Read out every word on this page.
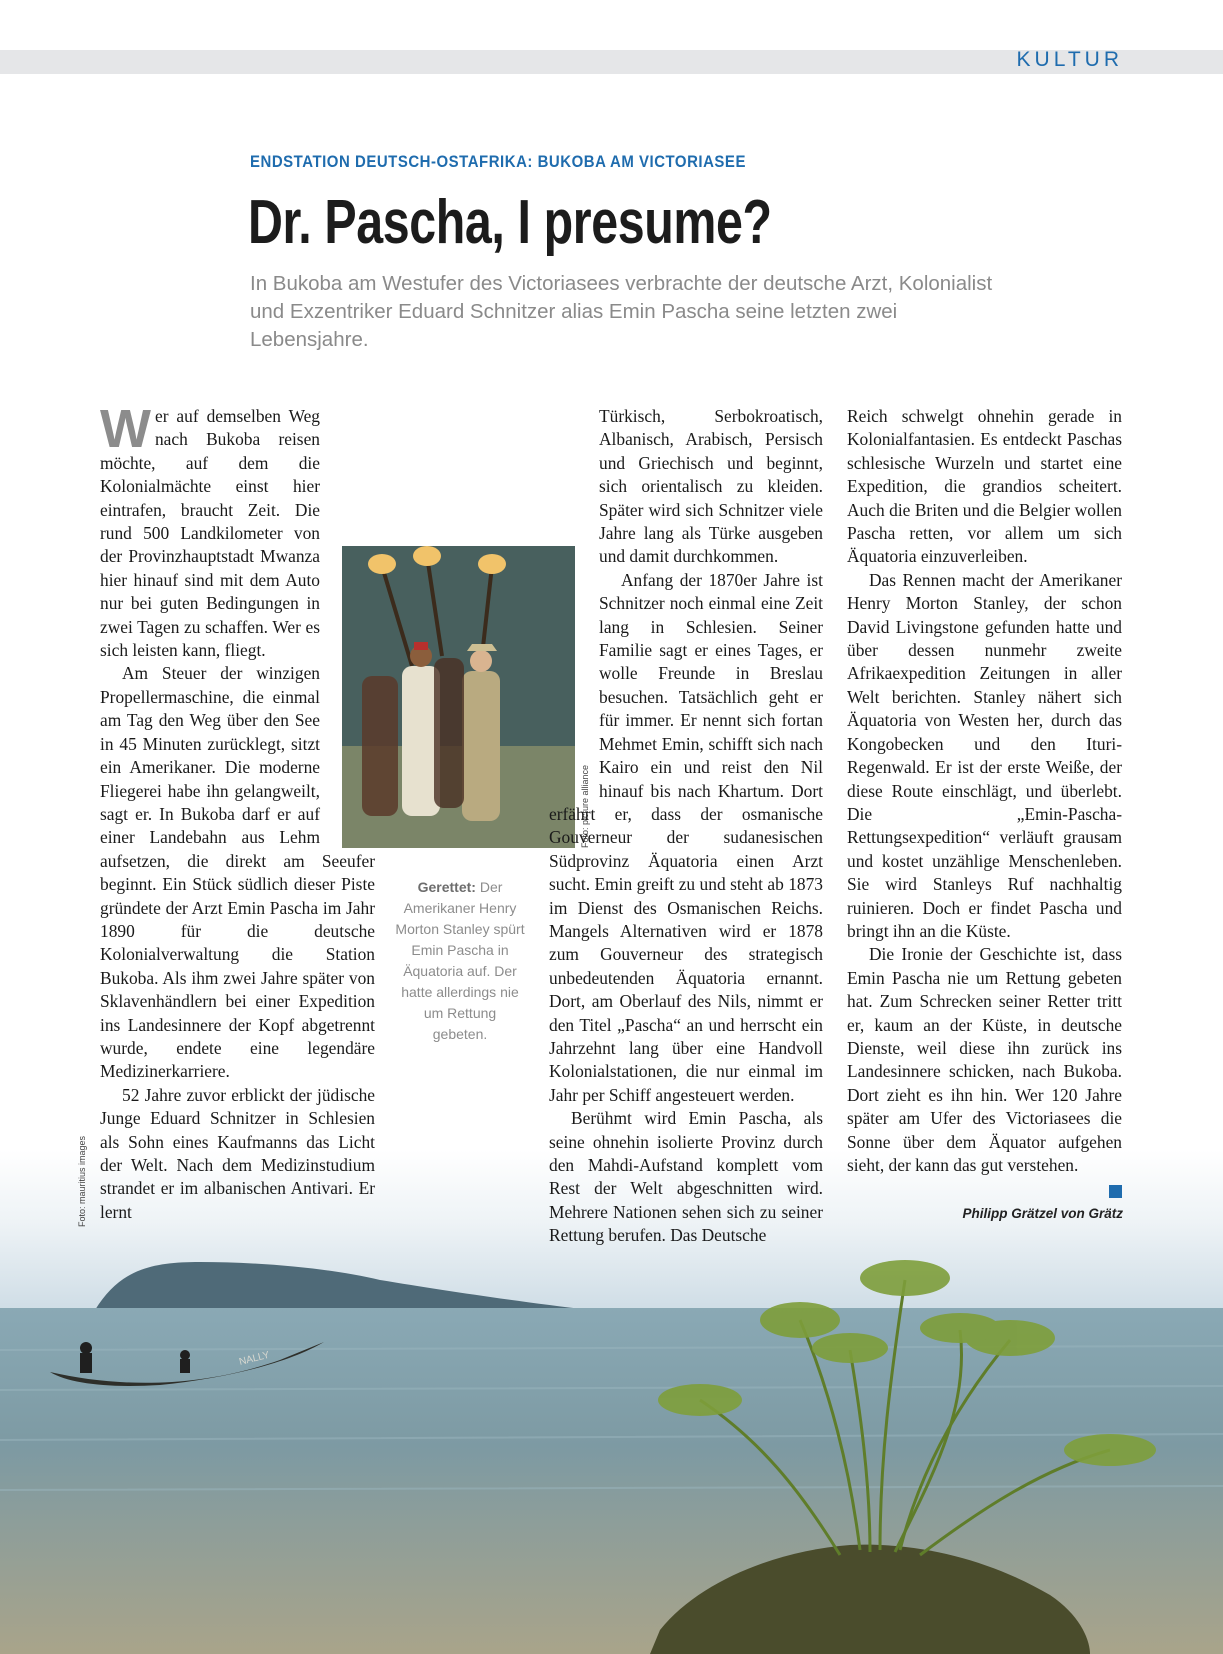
KULTUR
ENDSTATION DEUTSCH-OSTAFRIKA: BUKOBA AM VICTORIASEE
Dr. Pascha, I presume?

In Bukoba am Westufer des Victoriasees verbrachte der deutsche Arzt, Kolonialist und Exzentriker Eduard Schnitzer alias Emin Pascha seine letzten zwei Lebensjahre.

NALLY
Foto: picture alliance
Gerettet: Der Amerikaner Henry Morton Stanley spürt Emin Pascha in Äquatoria auf. Der hatte allerdings nie um Rettung gebeten.
Foto: mauritius images

Wer auf demselben Weg nach Bukoba reisen möchte, auf dem die Kolonialmächte einst hier eintrafen, braucht Zeit. Die rund 500 Landkilometer von der Provinzhauptstadt Mwanza hier hinauf sind mit dem Auto nur bei guten Bedingungen in zwei Tagen zu schaffen. Wer es sich leisten kann, fliegt.

Am Steuer der winzigen Propellermaschine, die einmal am Tag den Weg über den See in 45 Minuten zurücklegt, sitzt ein Amerikaner. Die moderne Fliegerei habe ihn gelangweilt, sagt er. In Bukoba darf er auf einer Landebahn aus Lehm aufsetzen, die direkt am Seeufer beginnt. Ein Stück südlich dieser Piste gründete der Arzt Emin Pascha im Jahr 1890 für die deutsche Kolonialverwaltung die Station Bukoba. Als ihm zwei Jahre später von Sklavenhändlern bei einer Expedition ins Landesinnere der Kopf abgetrennt wurde, endete eine legendäre Medizinerkarriere.

52 Jahre zuvor erblickt der jüdische Junge Eduard Schnitzer in Schlesien als Sohn eines Kaufmanns das Licht der Welt. Nach dem Medizinstudium strandet er im albanischen Antivari. Er lernt

Türkisch, Serbokroatisch, Albanisch, Arabisch, Persisch und Griechisch und beginnt, sich orientalisch zu kleiden. Später wird sich Schnitzer viele Jahre lang als Türke ausgeben und damit durchkommen.

Anfang der 1870er Jahre ist Schnitzer noch einmal eine Zeit lang in Schlesien. Seiner Familie sagt er eines Tages, er wolle Freunde in Breslau besuchen. Tatsächlich geht er für immer. Er nennt sich fortan Mehmet Emin, schifft sich nach Kairo ein und reist den Nil hinauf bis nach Khartum. Dort erfährt er, dass der osmanische Gouverneur der sudanesischen Südprovinz Äquatoria einen Arzt sucht. Emin greift zu und steht ab 1873 im Dienst des Osmanischen Reichs. Mangels Alternativen wird er 1878 zum Gouverneur des strategisch unbedeutenden Äquatoria ernannt. Dort, am Oberlauf des Nils, nimmt er den Titel „Pascha“ an und herrscht ein Jahrzehnt lang über eine Handvoll Kolonialstationen, die nur einmal im Jahr per Schiff angesteuert werden.

Berühmt wird Emin Pascha, als seine ohnehin isolierte Provinz durch den Mahdi-Aufstand komplett vom Rest der Welt abgeschnitten wird. Mehrere Nationen sehen sich zu seiner Rettung berufen. Das Deutsche

Reich schwelgt ohnehin gerade in Kolonialfantasien. Es entdeckt Paschas schlesische Wurzeln und startet eine Expedition, die grandios scheitert. Auch die Briten und die Belgier wollen Pascha retten, vor allem um sich Äquatoria einzuverleiben.

Das Rennen macht der Amerikaner Henry Morton Stanley, der schon David Livingstone gefunden hatte und über dessen nunmehr zweite Afrikaexpedition Zeitungen in aller Welt berichten. Stanley nähert sich Äquatoria von Westen her, durch das Kongobecken und den Ituri-Regenwald. Er ist der erste Weiße, der diese Route einschlägt, und überlebt. Die „Emin-Pascha-Rettungsexpedition“ verläuft grausam und kostet unzählige Menschenleben. Sie wird Stanleys Ruf nachhaltig ruinieren. Doch er findet Pascha und bringt ihn an die Küste.

Die Ironie der Geschichte ist, dass Emin Pascha nie um Rettung gebeten hat. Zum Schrecken seiner Retter tritt er, kaum an der Küste, in deutsche Dienste, weil diese ihn zurück ins Landesinnere schicken, nach Bukoba. Dort zieht es ihn hin. Wer 120 Jahre später am Ufer des Victoriasees die Sonne über dem Äquator aufgehen sieht, der kann das gut verstehen.

Philipp Grätzel von Grätz
